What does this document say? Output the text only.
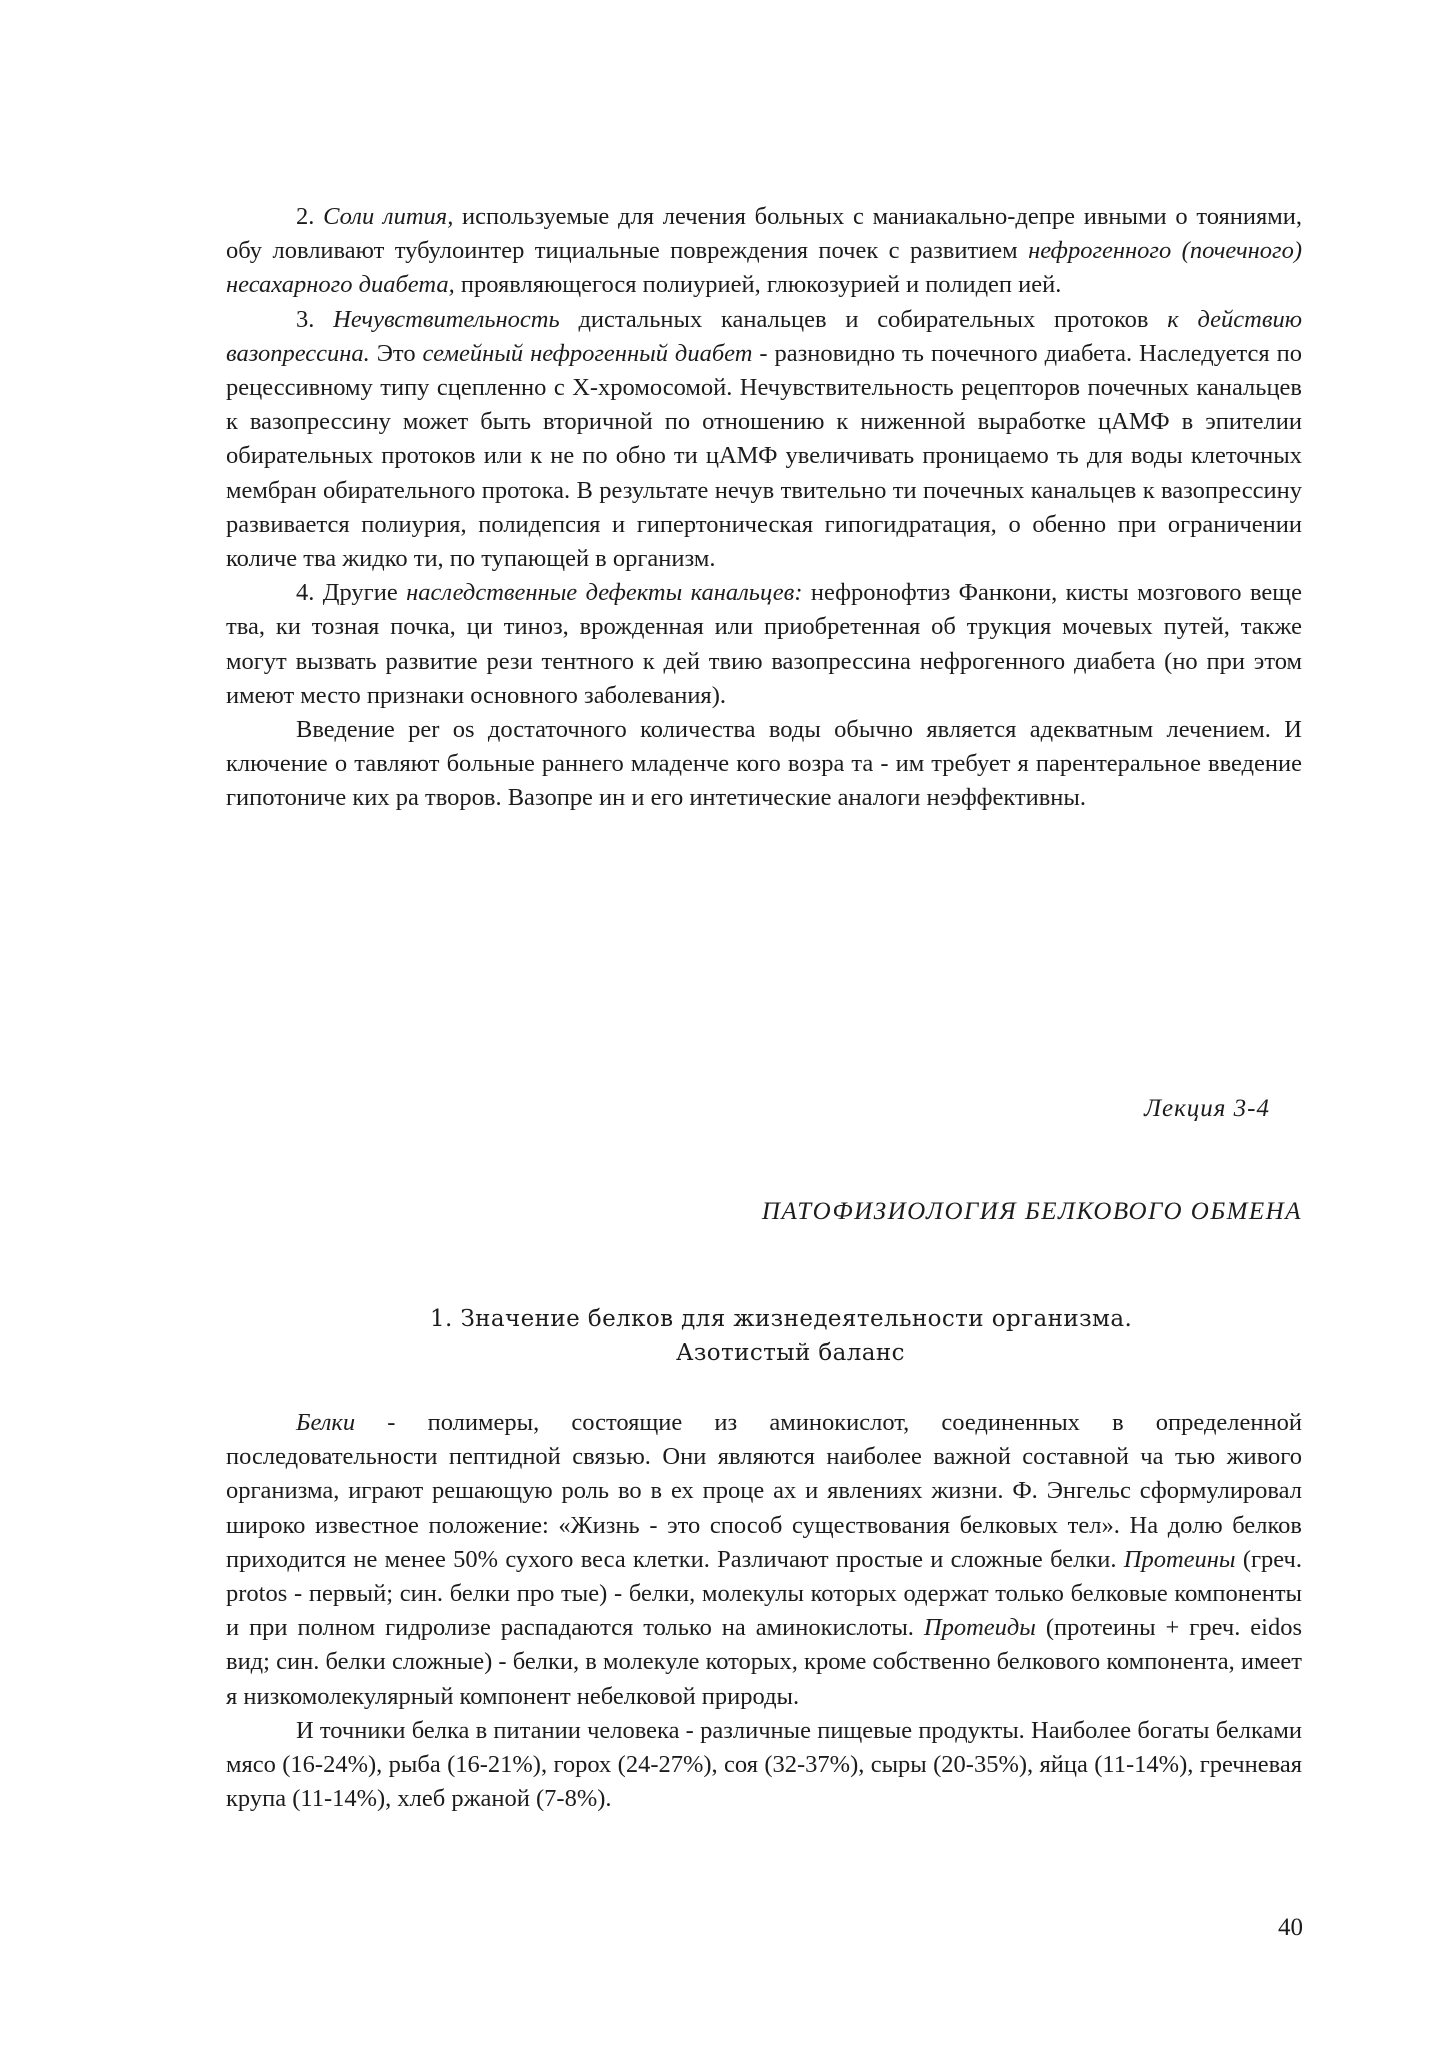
2. Соли лития, используемые для лечения больных с маниакально-депре ивными о тояниями, обу ловливают тубулоинтер тициальные повреждения почек с развитием нефрогенного (почечного) несахарного диабета, проявляющегося полиурией, глюкозурией и полидеп ией.

3. Нечувствительность дистальных канальцев и собирательных протоков к действию вазопрессина. Это семейный нефрогенный диабет - разновидно ть почечного диабета. Наследуется по рецессивному типу сцепленно с X-хромосомой. Нечувствительность рецепторов почечных канальцев к вазопрессину может быть вторичной по отношению к ниженной выработке цАМФ в эпителии обирательных протоков или к не по обно ти цАМФ увеличивать проницаемо ть для воды клеточных мембран обирательного протока. В результате нечув твительно ти почечных канальцев к вазопрессину развивается полиурия, полидепсия и гипертоническая гипогидратация, о обенно при ограничении количе тва жидко ти, по тупающей в организм.

4. Другие наследственные дефекты канальцев: нефронофтиз Фанкони, кисты мозгового веще тва, ки тозная почка, ци тиноз, врожденная или приобретенная об трукция мочевых путей, также могут вызвать развитие рези тентного к дей твию вазопрессина нефрогенного диабета (но при этом имеют место признаки основного заболевания).

Введение per os достаточного количества воды обычно является адекватным лечением. И ключение о тавляют больные раннего младенче кого возра та - им требует я парентеральное введение гипотониче ких ра творов. Вазопре ин и его интетические аналоги неэффективны.

Лекция 3-4
ПАТОФИЗИОЛОГИЯ БЕЛКОВОГО ОБМЕНА
1. Значение белков для жизнедеятельности организма.
Азотистый баланс

Белки - полимеры, состоящие из аминокислот, соединенных в определенной последовательности пептидной связью. Они являются наиболее важной составной ча тью живого организма, играют решающую роль во в ех проце ах и явлениях жизни. Ф. Энгельс сформулировал широко известное положение: «Жизнь - это способ существования белковых тел». На долю белков приходится не менее 50% сухого веса клетки. Различают простые и сложные белки. Протеины (греч. protos - первый; син. белки про тые) - белки, молекулы которых одержат только белковые компоненты и при полном гидролизе распадаются только на аминокислоты. Протеиды (протеины + греч. eidos вид; син. белки сложные) - белки, в молекуле которых, кроме собственно белкового компонента, имеет я низкомолекулярный компонент небелковой природы.

И точники белка в питании человека - различные пищевые продукты. Наиболее богаты белками мясо (16-24%), рыба (16-21%), горох (24-27%), соя (32-37%), сыры (20-35%), яйца (11-14%), гречневая крупа (11-14%), хлеб ржаной (7-8%).

40
